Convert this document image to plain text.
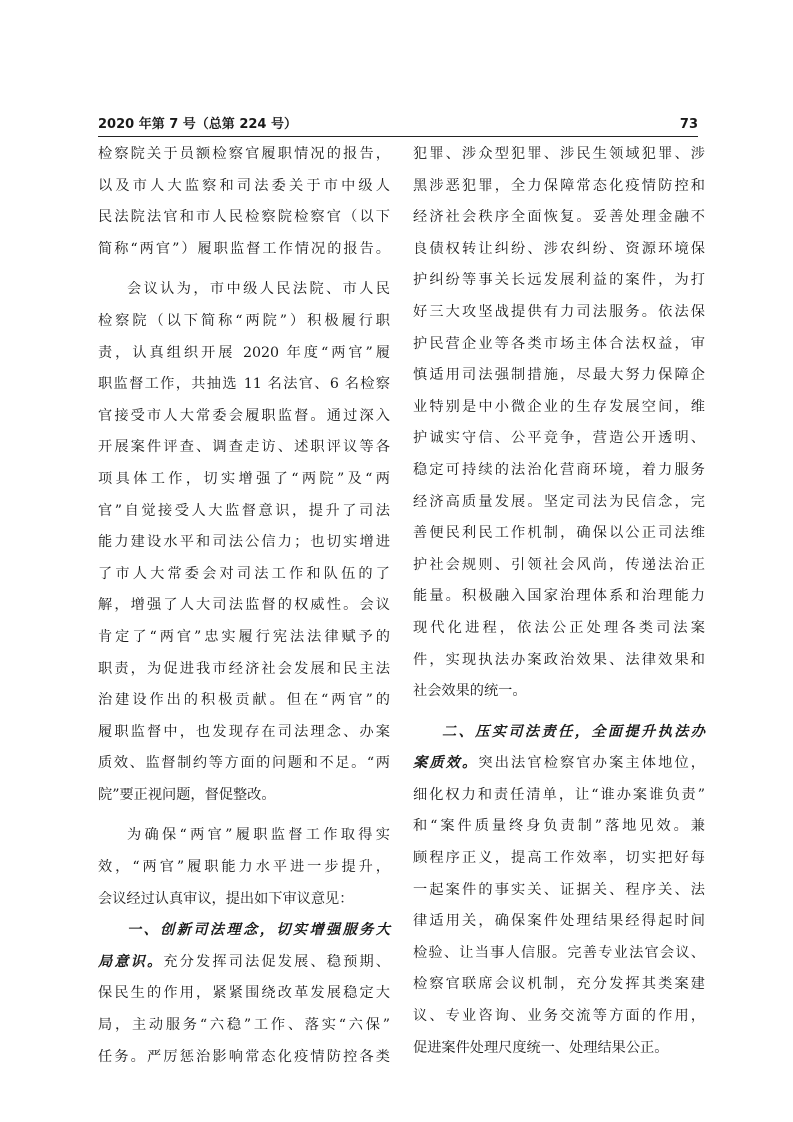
2020 年第 7 号（总第 224 号）	73
检察院关于员额检察官履职情况的报告，
以及市人大监察和司法委关于市中级人
民法院法官和市人民检察院检察官（以下
简称“两官”）履职监督工作情况的报告。
会议认为，市中级人民法院、市人民
检察院（以下简称“两院”）积极履行职
责，认真组织开展 2020 年度“两官”履
职监督工作，共抽选 11 名法官、6 名检察
官接受市人大常委会履职监督。通过深入
开展案件评查、调查走访、述职评议等各
项具体工作，切实增强了“两院”及“两
官”自觉接受人大监督意识，提升了司法
能力建设水平和司法公信力；也切实增进
了市人大常委会对司法工作和队伍的了
解，增强了人大司法监督的权威性。会议
肯定了“两官”忠实履行宪法法律赋予的
职责，为促进我市经济社会发展和民主法
治建设作出的积极贡献。但在“两官”的
履职监督中，也发现存在司法理念、办案
质效、监督制约等方面的问题和不足。“两
院”要正视问题，督促整改。
为确保“两官”履职监督工作取得实
效，“两官”履职能力水平进一步提升，
会议经过认真审议，提出如下审议意见：
一、创新司法理念，切实增强服务大
局意识。充分发挥司法促发展、稳预期、
保民生的作用，紧紧围绕改革发展稳定大
局，主动服务“六稳”工作、落实“六保”
任务。严厉惩治影响常态化疫情防控各类
犯罪、涉众型犯罪、涉民生领域犯罪、涉
黑涉恶犯罪，全力保障常态化疫情防控和
经济社会秩序全面恢复。妥善处理金融不
良债权转让纠纷、涉农纠纷、资源环境保
护纠纷等事关长远发展利益的案件，为打
好三大攻坚战提供有力司法服务。依法保
护民营企业等各类市场主体合法权益，审
慎适用司法强制措施，尽最大努力保障企
业特别是中小微企业的生存发展空间，维
护诚实守信、公平竞争，营造公开透明、
稳定可持续的法治化营商环境，着力服务
经济高质量发展。坚定司法为民信念，完
善便民利民工作机制，确保以公正司法维
护社会规则、引领社会风尚，传递法治正
能量。积极融入国家治理体系和治理能力
现代化进程，依法公正处理各类司法案
件，实现执法办案政治效果、法律效果和
社会效果的统一。
二、压实司法责任，全面提升执法办
案质效。突出法官检察官办案主体地位，
细化权力和责任清单，让“谁办案谁负责”
和“案件质量终身负责制”落地见效。兼
顾程序正义，提高工作效率，切实把好每
一起案件的事实关、证据关、程序关、法
律适用关，确保案件处理结果经得起时间
检验、让当事人信服。完善专业法官会议、
检察官联席会议机制，充分发挥其类案建
议、专业咨询、业务交流等方面的作用，
促进案件处理尺度统一、处理结果公正。
